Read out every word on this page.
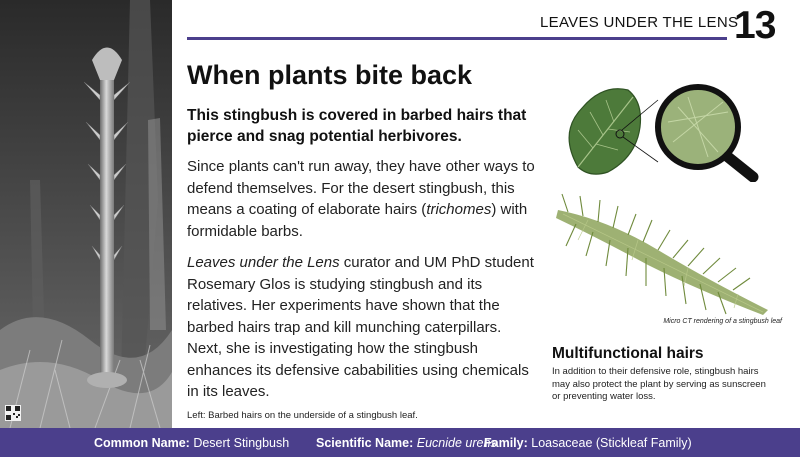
LEAVES UNDER THE LENS
13
When plants bite back

This stingbush is covered in barbed hairs that pierce and snag potential herbivores.

Since plants can't run away, they have other ways to defend themselves. For the desert stingbush, this means a coating of elaborate hairs (trichomes) with formidable barbs.

Leaves under the Lens curator and UM PhD student Rosemary Glos is studying stingbush and its relatives. Her experiments have shown that the barbed hairs trap and kill munching caterpillars. Next, she is investigating how the stingbush enhances its defensive cababilities using chemicals in its leaves.

Left: Barbed hairs on the underside of a stingbush leaf.

Micro CT rendering of a stingbush leaf
Multifunctional hairs

In addition to their defensive role, stingbush hairs may also protect the plant by serving as sunscreen or preventing water loss.

Common Name: Desert Stingbush Scientific Name: Eucnide urens
Family: Loasaceae (Stickleaf Family)
